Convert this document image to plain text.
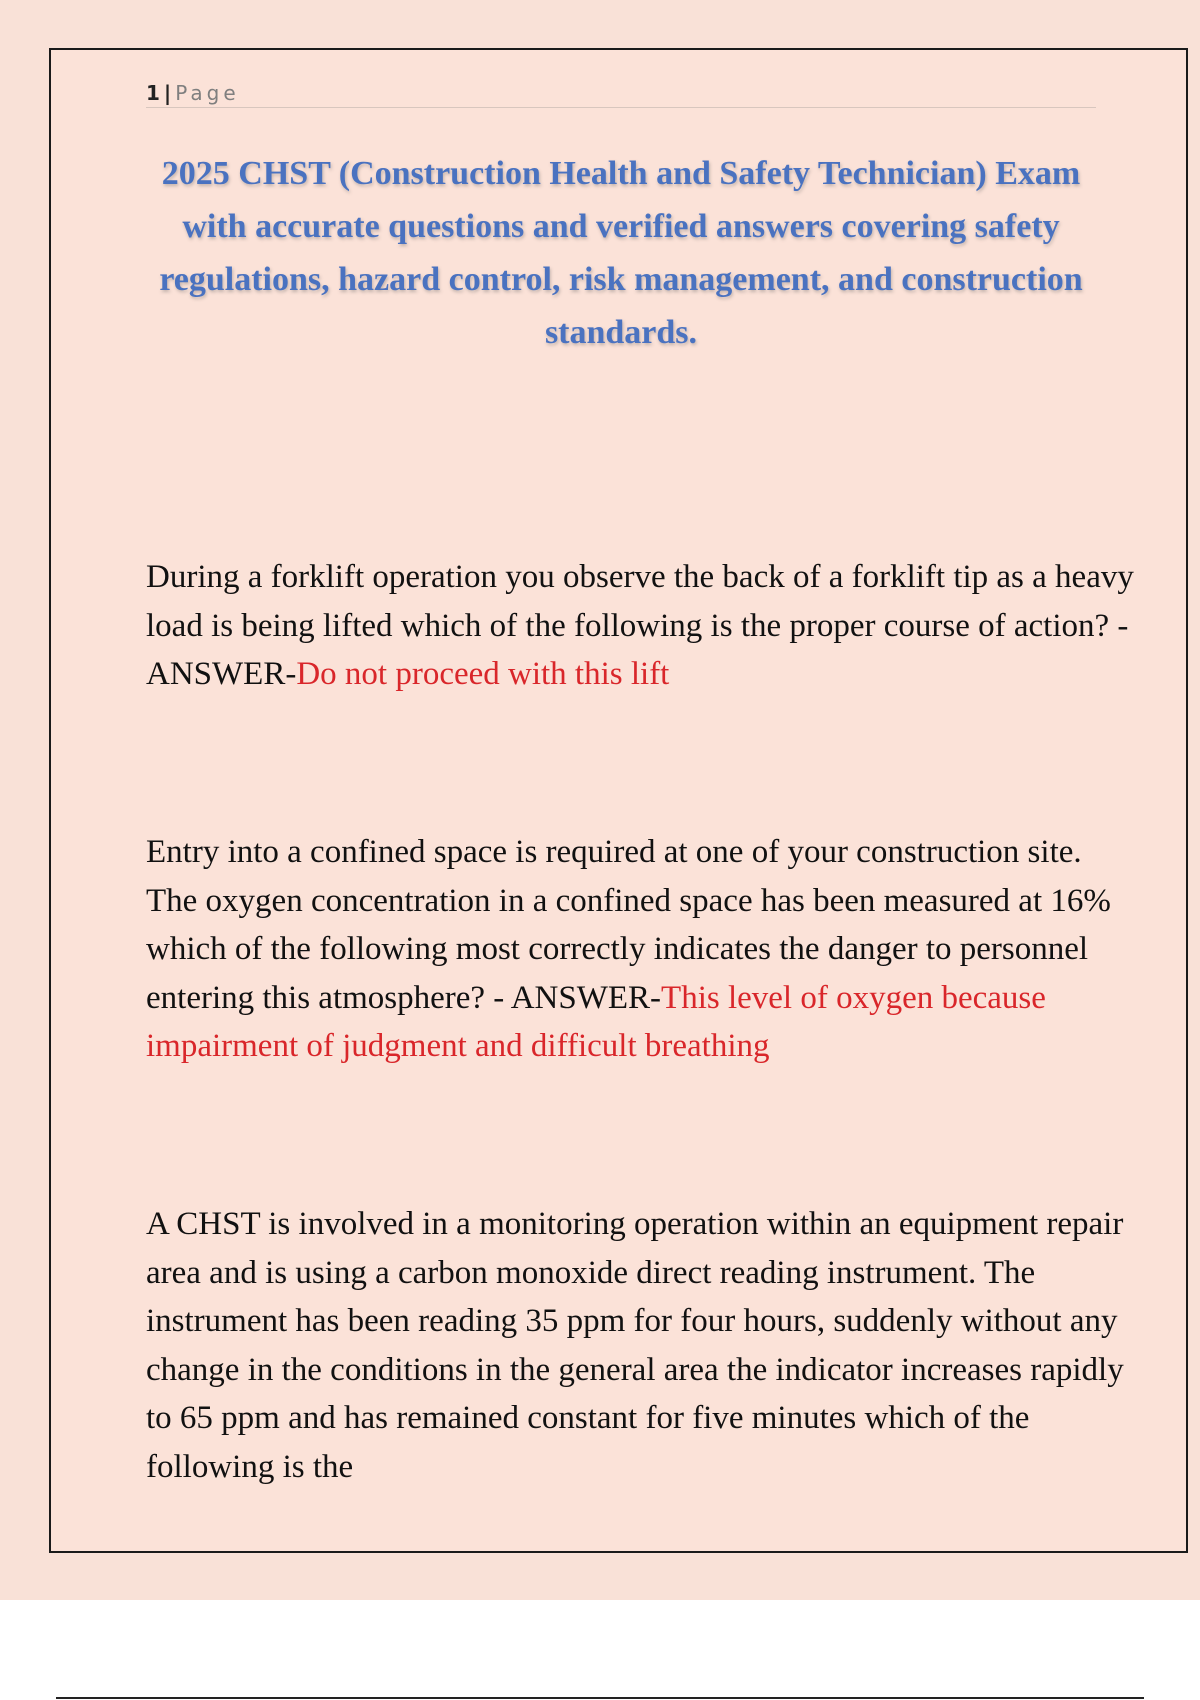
1 | Page
2025 CHST (Construction Health and Safety Technician) Exam with accurate questions and verified answers covering safety regulations, hazard control, risk management, and construction standards.

During a forklift operation you observe the back of a forklift tip as a heavy load is being lifted which of the following is the proper course of action? - ANSWER-Do not proceed with this lift

Entry into a confined space is required at one of your construction site. The oxygen concentration in a confined space has been measured at 16% which of the following most correctly indicates the danger to personnel entering this atmosphere? - ANSWER-This level of oxygen because impairment of judgment and difficult breathing

A CHST is involved in a monitoring operation within an equipment repair area and is using a carbon monoxide direct reading instrument. The instrument has been reading 35 ppm for four hours, suddenly without any change in the conditions in the general area the indicator increases rapidly to 65 ppm and has remained constant for five minutes which of the following is the
